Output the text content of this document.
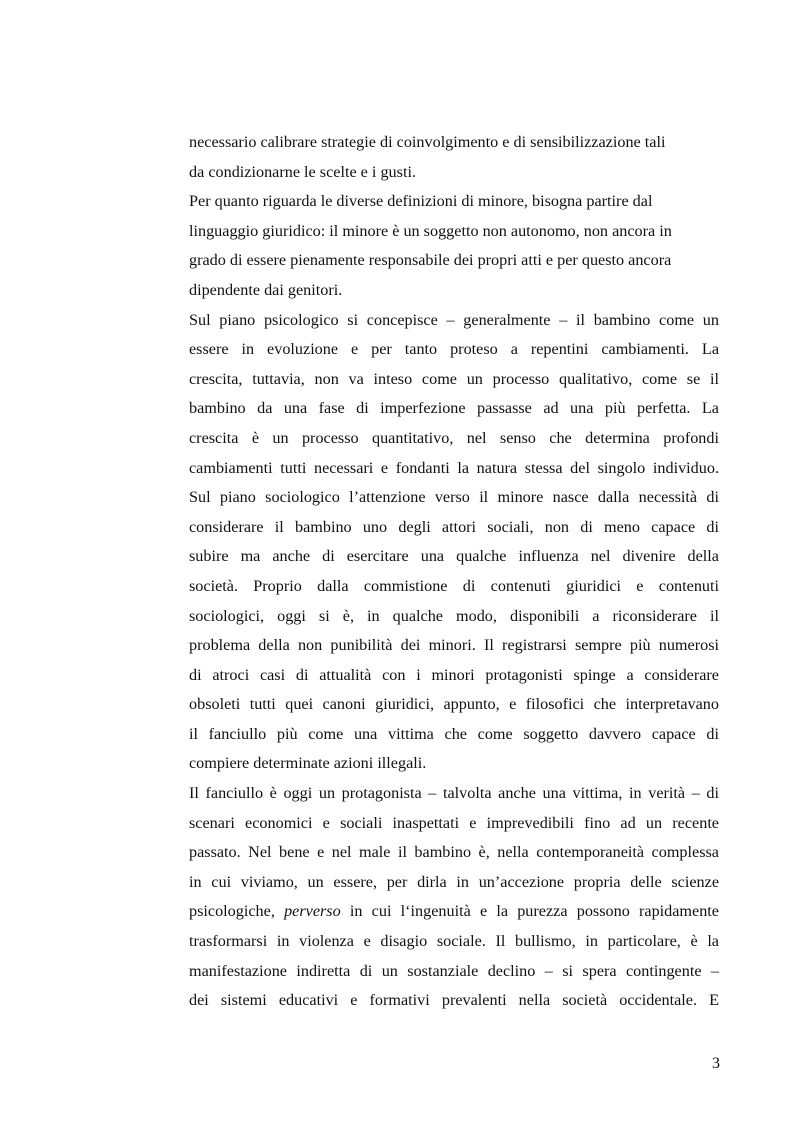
necessario calibrare strategie di coinvolgimento e di sensibilizzazione tali
da condizionarne le scelte e i gusti.
Per quanto riguarda le diverse definizioni di minore, bisogna partire dal
linguaggio giuridico: il minore è un soggetto non autonomo, non ancora in
grado di essere pienamente responsabile dei propri atti e per questo ancora
dipendente dai genitori.
Sul piano psicologico si concepisce – generalmente – il bambino come un
essere in evoluzione e per tanto proteso a repentini cambiamenti. La
crescita, tuttavia, non va inteso come un processo qualitativo, come se il
bambino da una fase di imperfezione passasse ad una più perfetta. La
crescita è un processo quantitativo, nel senso che determina profondi
cambiamenti tutti necessari e fondanti la natura stessa del singolo individuo.
Sul piano sociologico l’attenzione verso il minore nasce dalla necessità di
considerare il bambino uno degli attori sociali, non di meno capace di
subire ma anche di esercitare una qualche influenza nel divenire della
società. Proprio dalla commistione di contenuti giuridici e contenuti
sociologici, oggi si è, in qualche modo, disponibili a riconsiderare il
problema della non punibilità dei minori. Il registrarsi sempre più numerosi
di atroci casi di attualità con i minori protagonisti spinge a considerare
obsoleti tutti quei canoni giuridici, appunto, e filosofici che interpretavano
il fanciullo più come una vittima che come soggetto davvero capace di
compiere determinate azioni illegali.
Il fanciullo è oggi un protagonista – talvolta anche una vittima, in verità – di
scenari economici e sociali inaspettati e imprevedibili fino ad un recente
passato. Nel bene e nel male il bambino è, nella contemporaneità complessa
in cui viviamo, un essere, per dirla in un’accezione propria delle scienze
psicologiche, perverso in cui l‘ingenuità e la purezza possono rapidamente
trasformarsi in violenza e disagio sociale. Il bullismo, in particolare, è la
manifestazione indiretta di un sostanziale declino – si spera contingente –
dei sistemi educativi e formativi prevalenti nella società occidentale. E
3
